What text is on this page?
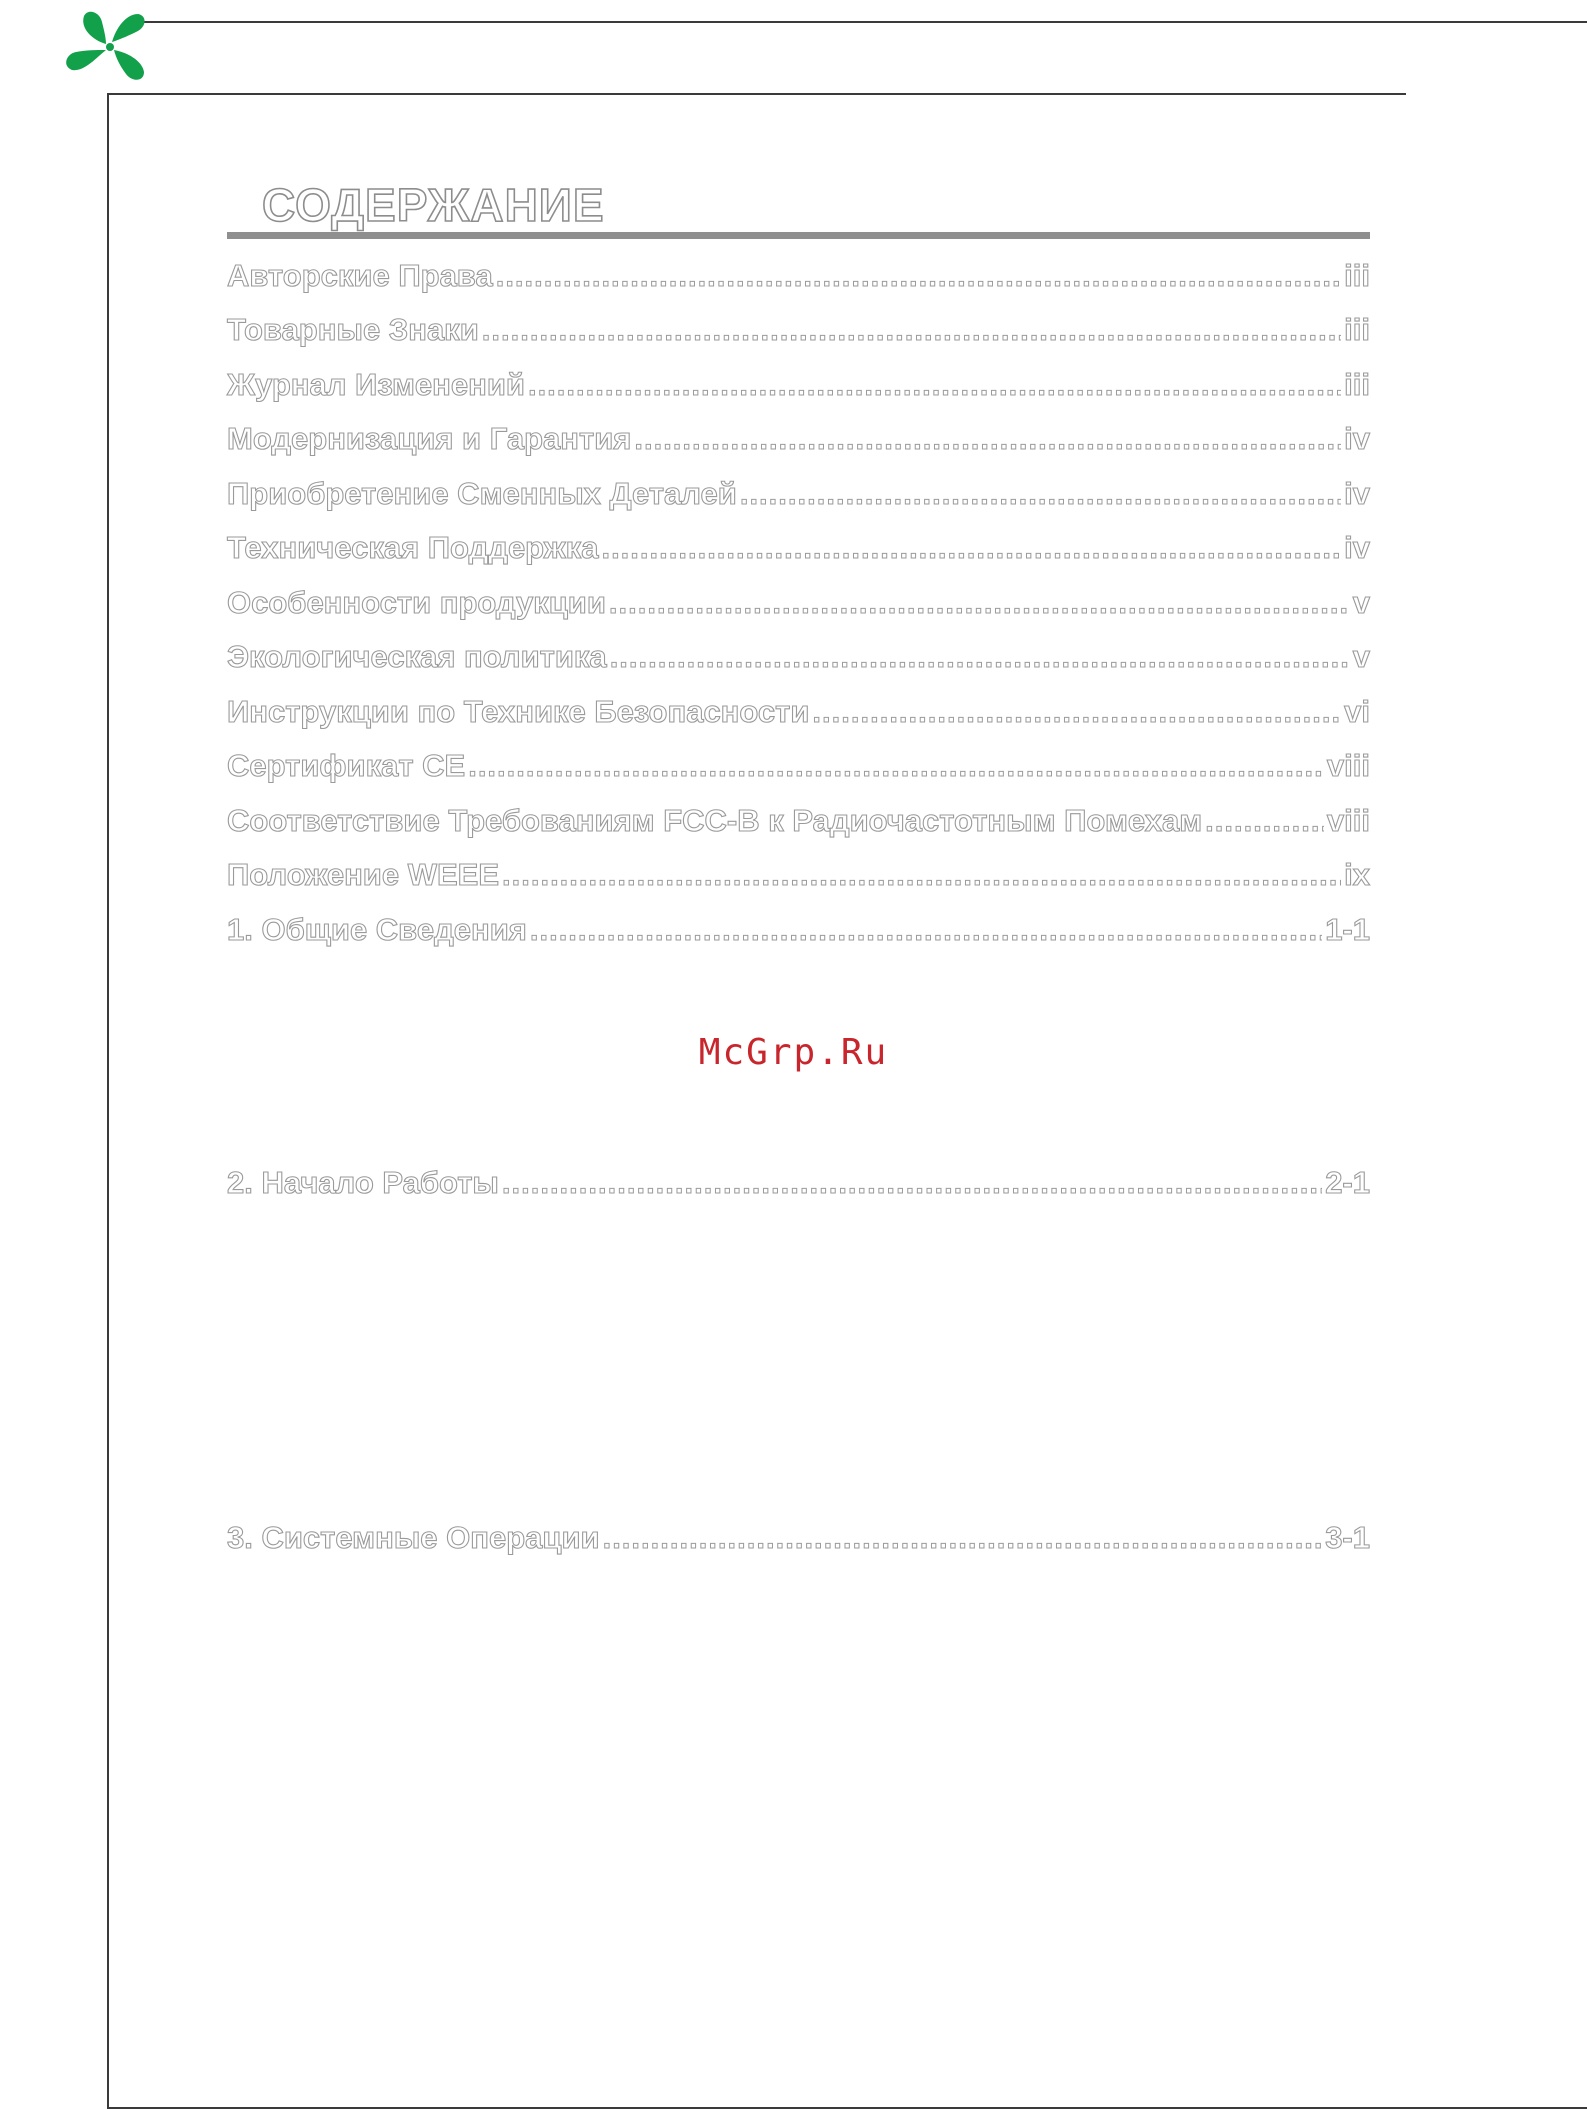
СОДЕРЖАНИЕ
Авторские Права .....	iii
Товарные Знаки .....	iii
Журнал Изменений .....	iii
Модернизация и Гарантия .....	iv
Приобретение Сменных Деталей .....	iv
Техническая Поддержка .....	iv
Особенности продукции .....	v
Экологическая политика .....	v
Инструкции по Технике Безопасности .....	vi
Сертификат CE .....	viii
Соответствие Требованиям FCC-B к Радиочастотным Помехам .....	viii
Положение WEEE .....	ix
1. Общие Сведения .....	1-1
2. Начало Работы .....	2-1
3. Системные Операции .....	3-1
McGrp.Ru
